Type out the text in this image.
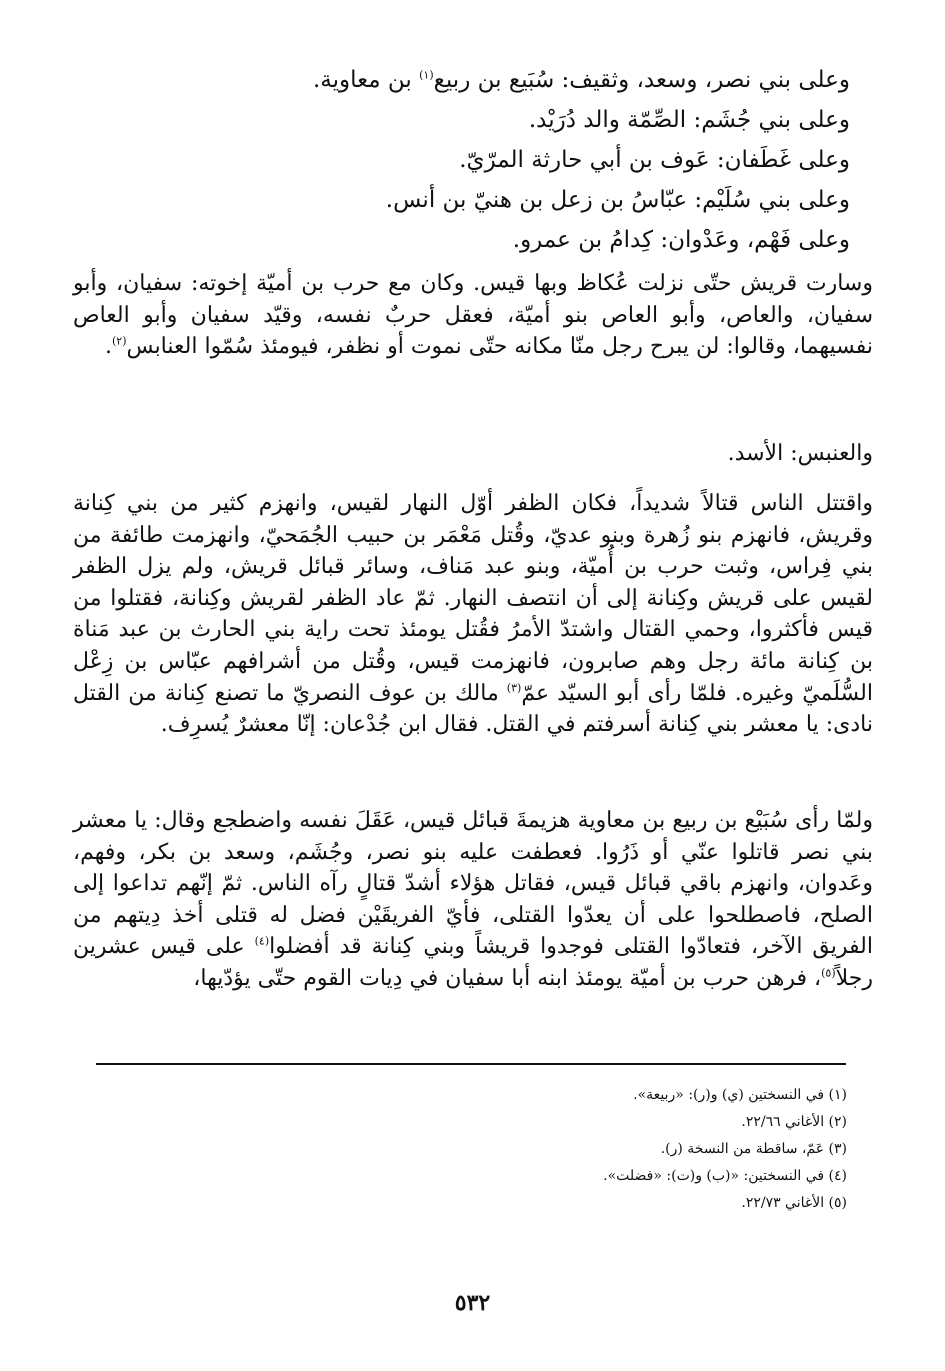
وعلى بني نصر، وسعد، وثقيف: سُبَيع بن ربيع$^{(١)}$ بن معاوية.
وعلى بني جُشَم: الصِّمّة والد دُرَيْد.
وعلى غَطَفان: عَوف بن أبي حارثة المرّيّ.
وعلى بني سُلَيْم: عبّاسُ بن زعل بن هنيّ بن أنس.
وعلى فَهْم، وعَدْوان: كِدامُ بن عمرو.
وسارت قريش حتّى نزلت عُكاظ وبها قيس. وكان مع حرب بن أميّة إخوته: سفيان، وأبو سفيان، والعاص، وأبو العاص بنو أميّة، فعقل حربٌ نفسه، وقيّد سفيان وأبو العاص نفسيهما، وقالوا: لن يبرح رجل منّا مكانه حتّى نموت أو نظفر، فيومئذ سُمّوا العنابس$^{(٢)}$.
والعنبس: الأسد.
واقتتل الناس قتالاً شديداً، فكان الظفر أوّل النهار لقيس، وانهزم كثير من بني كِنانة وقريش، فانهزم بنو زُهرة وبنو عديّ، وقُتل مَعْمَر بن حبيب الجُمَحيّ، وانهزمت طائفة من بني فِراس، وثبت حرب بن أُميّة، وبنو عبد مَناف، وسائر قبائل قريش، ولم يزل الظفر لقيس على قريش وكِنانة إلى أن انتصف النهار. ثمّ عاد الظفر لقريش وكِنانة، فقتلوا من قيس فأكثروا، وحمي القتال واشتدّ الأمرُ فقُتل يومئذ تحت راية بني الحارث بن عبد مَناة بن كِنانة مائة رجل وهم صابرون، فانهزمت قيس، وقُتل من أشرافهم عبّاس بن زِعْل السُّلَميّ وغيره. فلمّا رأى أبو السيّد عمّ$^{(٣)}$ مالك بن عوف النصريّ ما تصنع كِنانة من القتل نادى: يا معشر بني كِنانة أسرفتم في القتل. فقال ابن جُدْعان: إنّا معشرٌ يُسرِف.
ولمّا رأى سُبَيْع بن ربيع بن معاوية هزيمةَ قبائل قيس، عَقَلَ نفسه واضطجع وقال: يا معشر بني نصر قاتلوا عنّي أو ذَرُوا. فعطفت عليه بنو نصر، وجُشَم، وسعد بن بكر، وفهم، وعَدوان، وانهزم باقي قبائل قيس، فقاتل هؤلاء أشدّ قتالٍ رآه الناس. ثمّ إنّهم تداعوا إلى الصلح، فاصطلحوا على أن يعدّوا القتلى، فأيّ الفريقَيْن فضل له قتلى أخذ دِيتهم من الفريق الآخر، فتعادّوا القتلى فوجدوا قريشاً وبني كِنانة قد أفضلوا$^{(٤)}$ على قيس عشرين رجلاً$^{(٥)}$، فرهن حرب بن أميّة يومئذ ابنه أبا سفيان في دِيات القوم حتّى يؤدّيها،
(١) في النسختين (ي) و(ر): «ربيعة».
(٢) الأغاني ٢٢/٦٦.
(٣) عَمّ، ساقطة من النسخة (ر).
(٤) في النسختين: «(ب) و(ت): «فضلت».
(٥) الأغاني ٢٢/٧٣.
٥٣٢
